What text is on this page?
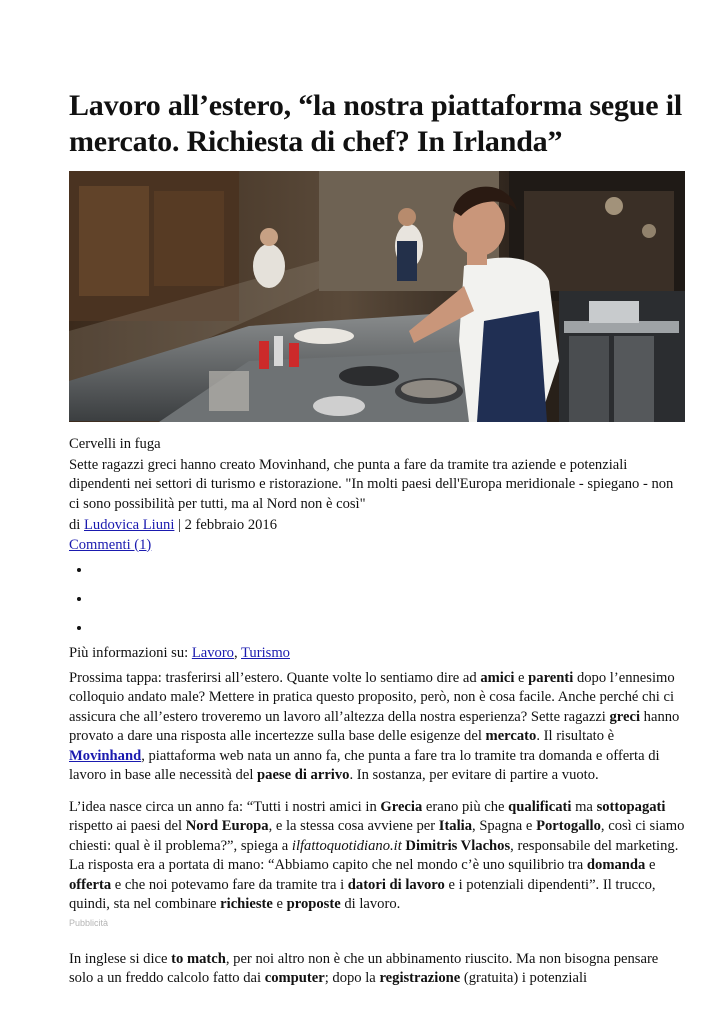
Lavoro all’estero, “la nostra piattaforma segue il mercato. Richiesta di chef? In Irlanda”

Cervelli in fuga

Sette ragazzi greci hanno creato Movinhand, che punta a fare da tramite tra aziende e potenziali dipendenti nei settori di turismo e ristorazione. "In molti paesi dell'Europa meridionale - spiegano - non ci sono possibilità per tutti, ma al Nord non è così"

di Ludovica Liuni | 2 febbraio 2016

Commenti (1)

•
•
•

Più informazioni su: Lavoro, Turismo

Prossima tappa: trasferirsi all’estero. Quante volte lo sentiamo dire ad amici e parenti dopo l’ennesimo colloquio andato male? Mettere in pratica questo proposito, però, non è cosa facile. Anche perché chi ci assicura che all’estero troveremo un lavoro all’altezza della nostra esperienza? Sette ragazzi greci hanno provato a dare una risposta alle incertezze sulla base delle esigenze del mercato. Il risultato è Movinhand, piattaforma web nata un anno fa, che punta a fare tra lo tramite tra domanda e offerta di lavoro in base alle necessità del paese di arrivo. In sostanza, per evitare di partire a vuoto.

L’idea nasce circa un anno fa: “Tutti i nostri amici in Grecia erano più che qualificati ma sottopagati rispetto ai paesi del Nord Europa, e la stessa cosa avviene per Italia, Spagna e Portogallo, così ci siamo chiesti: qual è il problema?”, spiega a ilfattoquotidiano.it Dimitris Vlachos, responsabile del marketing. La risposta era a portata di mano: “Abbiamo capito che nel mondo c’è uno squilibrio tra domanda e offerta e che noi potevamo fare da tramite tra i datori di lavoro e i potenziali dipendenti”. Il trucco, quindi, sta nel combinare richieste e proposte di lavoro.

Pubblicità

In inglese si dice to match, per noi altro non è che un abbinamento riuscito. Ma non bisogna pensare solo a un freddo calcolo fatto dai computer; dopo la registrazione (gratuita) i potenziali
